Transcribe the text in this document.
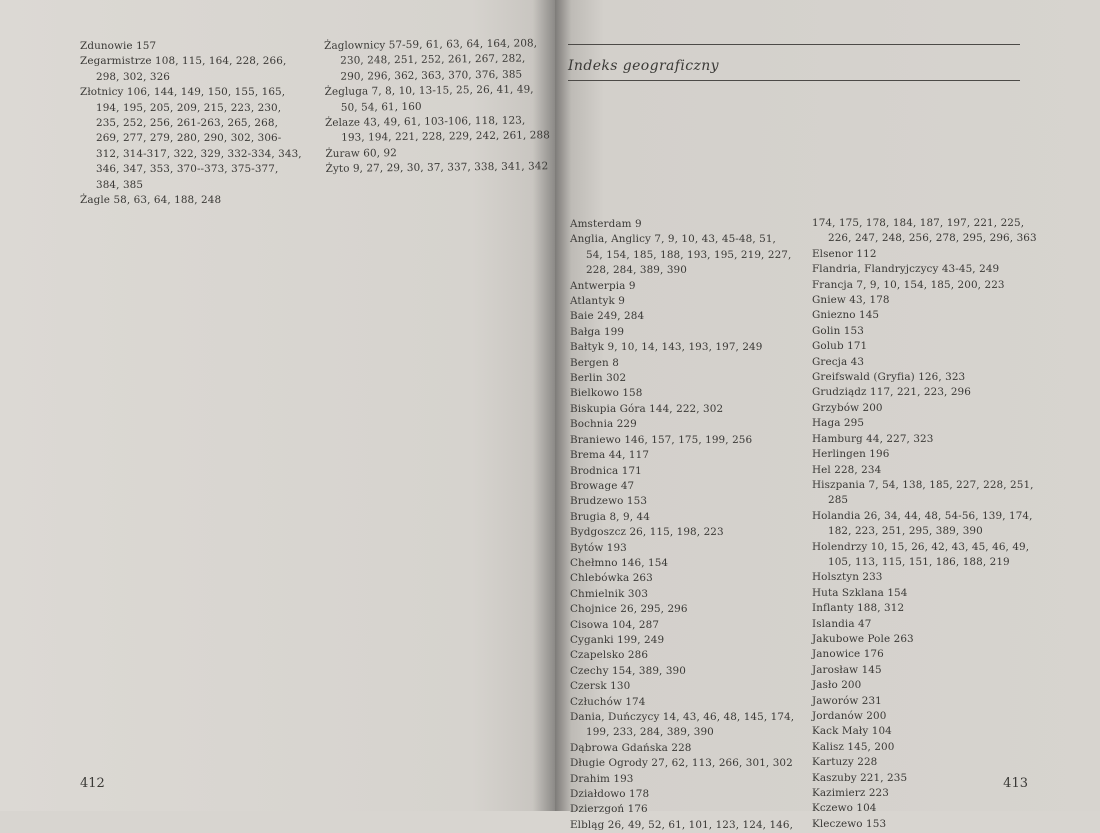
Zdunowie 157

Zegarmistrze 108, 115, 164, 228, 266, 298, 302, 326

Złotnicy 106, 144, 149, 150, 155, 165, 194, 195, 205, 209, 215, 223, 230, 235, 252, 256, 261-263, 265, 268, 269, 277, 279, 280, 290, 302, 306-312, 314-317, 322, 329, 332-334, 343, 346, 347, 353, 370--373, 375-377, 384, 385

Żagle 58, 63, 64, 188, 248

Żaglownicy 57-59, 61, 63, 64, 164, 208, 230, 248, 251, 252, 261, 267, 282, 290, 296, 362, 363, 370, 376, 385

Żegluga 7, 8, 10, 13-15, 25, 26, 41, 49, 50, 54, 61, 160

Żelaze 43, 49, 61, 103-106, 118, 123, 193, 194, 221, 228, 229, 242, 261, 288

Żuraw 60, 92

Żyto 9, 27, 29, 30, 37, 337, 338, 341, 342

412
Indeks geograficzny

Amsterdam 9

Anglia, Anglicy 7, 9, 10, 43, 45-48, 51, 54, 154, 185, 188, 193, 195, 219, 227, 228, 284, 389, 390

Antwerpia 9

Atlantyk 9

Baie 249, 284

Bałga 199

Bałtyk 9, 10, 14, 143, 193, 197, 249

Bergen 8

Berlin 302

Bielkowo 158

Biskupia Góra 144, 222, 302

Bochnia 229

Braniewo 146, 157, 175, 199, 256

Brema 44, 117

Brodnica 171

Browage 47

Brudzewo 153

Brugia 8, 9, 44

Bydgoszcz 26, 115, 198, 223

Bytów 193

Chełmno 146, 154

Chlebówka 263

Chmielnik 303

Chojnice 26, 295, 296

Cisowa 104, 287

Cyganki 199, 249

Czapelsko 286

Czechy 154, 389, 390

Czersk 130

Człuchów 174

Dania, Duńczycy 14, 43, 46, 48, 145, 174, 199, 233, 284, 389, 390

Dąbrowa Gdańska 228

Długie Ogrody 27, 62, 113, 266, 301, 302

Drahim 193

Działdowo 178

Dzierzgoń 176

Elbląg 26, 49, 52, 61, 101, 123, 124, 146,

174, 175, 178, 184, 187, 197, 221, 225, 226, 247, 248, 256, 278, 295, 296, 363

Elsenor 112

Flandria, Flandryjczycy 43-45, 249

Francja 7, 9, 10, 154, 185, 200, 223

Gniew 43, 178

Gniezno 145

Golin 153

Golub 171

Grecja 43

Greifswald (Gryfia) 126, 323

Grudziądz 117, 221, 223, 296

Grzybów 200

Haga 295

Hamburg 44, 227, 323

Herlingen 196

Hel 228, 234

Hiszpania 7, 54, 138, 185, 227, 228, 251, 285

Holandia 26, 34, 44, 48, 54-56, 139, 174, 182, 223, 251, 295, 389, 390

Holendrzy 10, 15, 26, 42, 43, 45, 46, 49, 105, 113, 115, 151, 186, 188, 219

Holsztyn 233

Huta Szklana 154

Inflanty 188, 312

Islandia 47

Jakubowe Pole 263

Janowice 176

Jarosław 145

Jasło 200

Jaworów 231

Jordanów 200

Kack Mały 104

Kalisz 145, 200

Kartuzy 228

Kaszuby 221, 235

Kazimierz 223

Kczewo 104

Kleczewo 153

413
